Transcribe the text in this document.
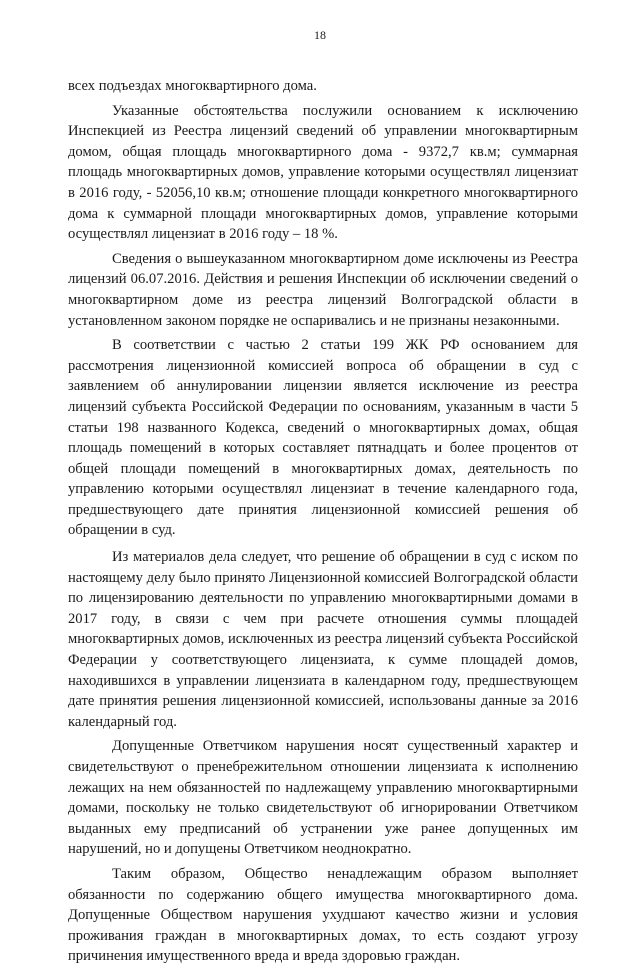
18

всех подъездах многоквартирного дома.

Указанные обстоятельства послужили основанием к исключению Инспекцией из Реестра лицензий сведений об управлении многоквартирным домом, общая площадь многоквартирного дома - 9372,7 кв.м; суммарная площадь многоквартирных домов, управление которыми осуществлял лицензиат в 2016 году, - 52056,10 кв.м; отношение площади конкретного многоквартирного дома к суммарной площади многоквартирных домов, управление которыми осуществлял лицензиат в 2016 году – 18 %.

Сведения о вышеуказанном многоквартирном доме исключены из Реестра лицензий 06.07.2016. Действия и решения Инспекции об исключении сведений о многоквартирном доме из реестра лицензий Волгоградской области в установленном законом порядке не оспаривались и не признаны незаконными.

В соответствии с частью 2 статьи 199 ЖК РФ основанием для рассмотрения лицензионной комиссией вопроса об обращении в суд с заявлением об аннулировании лицензии является исключение из реестра лицензий субъекта Российской Федерации по основаниям, указанным в части 5 статьи 198 названного Кодекса, сведений о многоквартирных домах, общая площадь помещений в которых составляет пятнадцать и более процентов от общей площади помещений в многоквартирных домах, деятельность по управлению которыми осуществлял лицензиат в течение календарного года, предшествующего дате принятия лицензионной комиссией решения об обращении в суд.

Из материалов дела следует, что решение об обращении в суд с иском по настоящему делу было принято Лицензионной комиссией Волгоградской области по лицензированию деятельности по управлению многоквартирными домами в 2017 году, в связи с чем при расчете отношения суммы площадей многоквартирных домов, исключенных из реестра лицензий субъекта Российской Федерации у соответствующего лицензиата, к сумме площадей домов, находившихся в управлении лицензиата в календарном году, предшествующем дате принятия решения лицензионной комиссией, использованы данные за 2016 календарный год.

Допущенные Ответчиком нарушения носят существенный характер и свидетельствуют о пренебрежительном отношении лицензиата к исполнению лежащих на нем обязанностей по надлежащему управлению многоквартирными домами, поскольку не только свидетельствуют об игнорировании Ответчиком выданных ему предписаний об устранении уже ранее допущенных им нарушений, но и допущены Ответчиком неоднократно.

Таким образом, Общество ненадлежащим образом выполняет обязанности по содержанию общего имущества многоквартирного дома. Допущенные Обществом нарушения ухудшают качество жизни и условия проживания граждан в многоквартирных домах, то есть создают угрозу причинения имущественного вреда и вреда здоровью граждан.
